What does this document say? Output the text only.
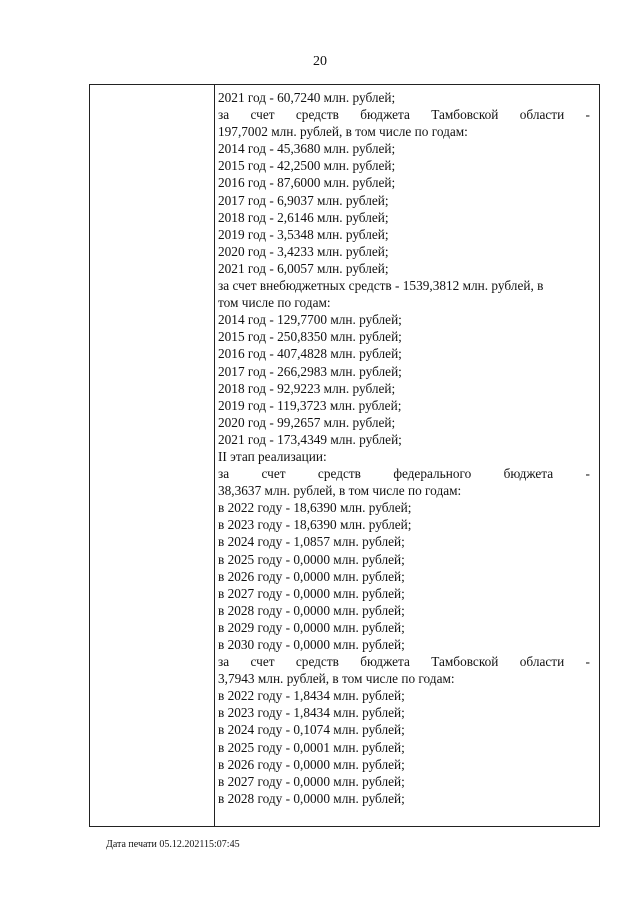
20
2021 год - 60,7240 млн. рублей;
за счет средств бюджета Тамбовской области -
197,7002 млн. рублей, в том числе по годам:
2014 год - 45,3680 млн. рублей;
2015 год - 42,2500 млн. рублей;
2016 год - 87,6000 млн. рублей;
2017 год - 6,9037 млн. рублей;
2018 год - 2,6146 млн. рублей;
2019 год - 3,5348 млн. рублей;
2020 год - 3,4233 млн. рублей;
2021 год - 6,0057 млн. рублей;
за счет внебюджетных средств - 1539,3812 млн. рублей, в
том числе по годам:
2014 год - 129,7700 млн. рублей;
2015 год - 250,8350 млн. рублей;
2016 год - 407,4828 млн. рублей;
2017 год - 266,2983 млн. рублей;
2018 год - 92,9223 млн. рублей;
2019 год - 119,3723 млн. рублей;
2020 год - 99,2657 млн. рублей;
2021 год - 173,4349 млн. рублей;
II этап реализации:
за счет средств федерального бюджета -
38,3637 млн. рублей, в том числе по годам:
в 2022 году - 18,6390 млн. рублей;
в 2023 году - 18,6390 млн. рублей;
в 2024 году - 1,0857 млн. рублей;
в 2025 году - 0,0000 млн. рублей;
в 2026 году - 0,0000 млн. рублей;
в 2027 году - 0,0000 млн. рублей;
в 2028 году - 0,0000 млн. рублей;
в 2029 году - 0,0000 млн. рублей;
в 2030 году - 0,0000 млн. рублей;
за счет средств бюджета Тамбовской области -
3,7943 млн. рублей, в том числе по годам:
в 2022 году - 1,8434 млн. рублей;
в 2023 году - 1,8434 млн. рублей;
в 2024 году - 0,1074 млн. рублей;
в 2025 году - 0,0001 млн. рублей;
в 2026 году - 0,0000 млн. рублей;
в 2027 году - 0,0000 млн. рублей;
в 2028 году - 0,0000 млн. рублей;
Дата печати 05.12.202115:07:45
